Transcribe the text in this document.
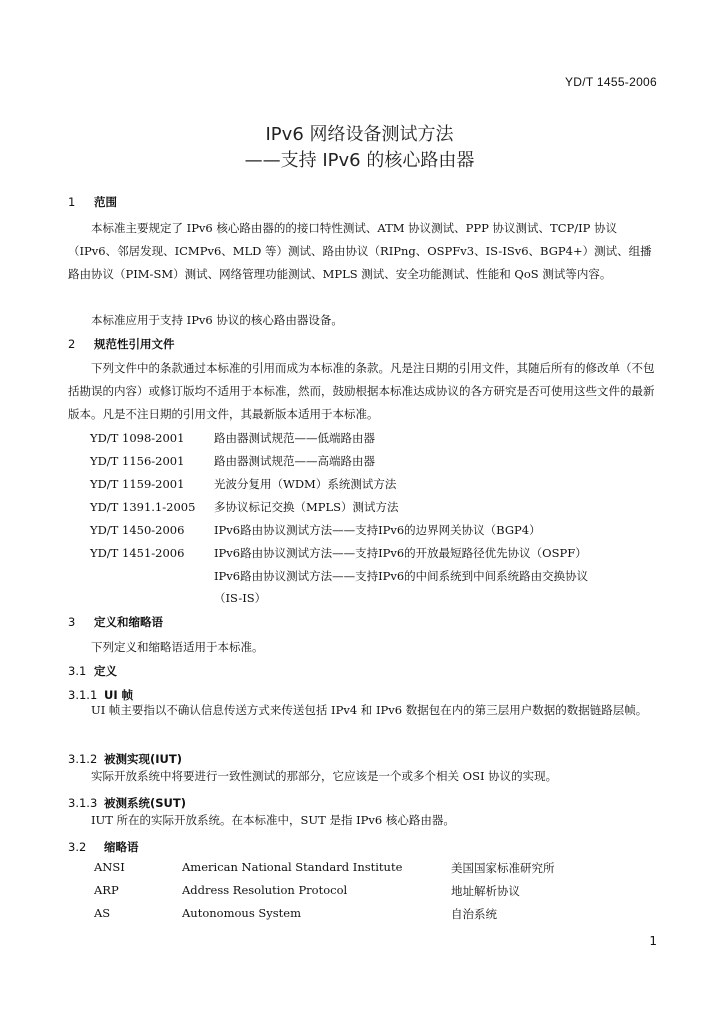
YD/T 1455-2006
IPv6 网络设备测试方法
——支持 IPv6 的核心路由器
1 范围
本标准主要规定了 IPv6 核心路由器的的接口特性测试、ATM 协议测试、PPP 协议测试、TCP/IP 协议（IPv6、邻居发现、ICMPv6、MLD 等）测试、路由协议（RIPng、OSPFv3、IS-ISv6、BGP4+）测试、组播路由协议（PIM-SM）测试、网络管理功能测试、MPLS 测试、安全功能测试、性能和 QoS 测试等内容。
本标准应用于支持 IPv6 协议的核心路由器设备。
2 规范性引用文件
下列文件中的条款通过本标准的引用而成为本标准的条款。凡是注日期的引用文件，其随后所有的修改单（不包括勘误的内容）或修订版均不适用于本标准，然而，鼓励根据本标准达成协议的各方研究是否可使用这些文件的最新版本。凡是不注日期的引用文件，其最新版本适用于本标准。
YD/T 1098-2001	路由器测试规范——低端路由器
YD/T 1156-2001	路由器测试规范——高端路由器
YD/T 1159-2001	光波分复用（WDM）系统测试方法
YD/T 1391.1-2005 多协议标记交换（MPLS）测试方法
YD/T 1450-2006	IPv6路由协议测试方法——支持IPv6的边界网关协议（BGP4）
YD/T 1451-2006	IPv6路由协议测试方法——支持IPv6的开放最短路径优先协议（OSPF）
IPv6路由协议测试方法——支持IPv6的中间系统到中间系统路由交换协议
（IS-IS）
3 定义和缩略语
下列定义和缩略语适用于本标准。
3.1 定义
3.1.1 UI 帧
UI 帧主要指以不确认信息传送方式来传送包括 IPv4 和 IPv6 数据包在内的第三层用户数据的数据链路层帧。
3.1.2 被测实现(IUT)
实际开放系统中将要进行一致性测试的那部分，它应该是一个或多个相关 OSI 协议的实现。
3.1.3 被测系统(SUT)
IUT 所在的实际开放系统。在本标准中，SUT 是指 IPv6 核心路由器。
3.2 缩略语
ANSI	American National Standard Institute	美国国家标准研究所
ARP	Address Resolution Protocol	地址解析协议
AS	Autonomous System	自治系统
1
